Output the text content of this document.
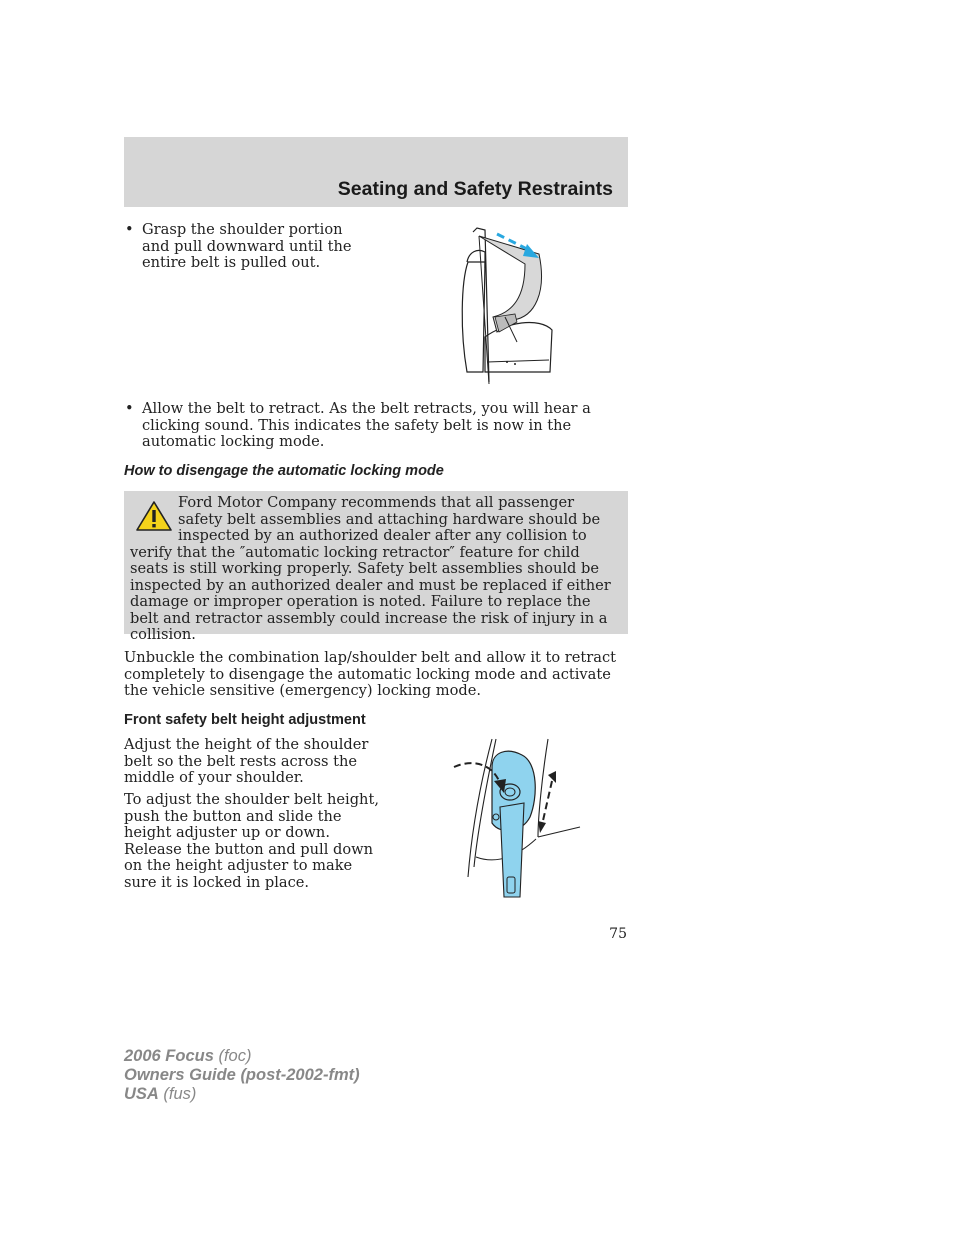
Seating and Safety Restraints
• Grasp the shoulder portion and pull downward until the entire belt is pulled out.
• Allow the belt to retract. As the belt retracts, you will hear a clicking sound. This indicates the safety belt is now in the automatic locking mode.
How to disengage the automatic locking mode
Ford Motor Company recommends that all passenger safety belt assemblies and attaching hardware should be inspected by an authorized dealer after any collision to verify that the ″automatic locking retractor″ feature for child seats is still working properly. Safety belt assemblies should be inspected by an authorized dealer and must be replaced if either damage or improper operation is noted. Failure to replace the belt and retractor assembly could increase the risk of injury in a collision.
Unbuckle the combination lap/shoulder belt and allow it to retract completely to disengage the automatic locking mode and activate the vehicle sensitive (emergency) locking mode.
Front safety belt height adjustment
Adjust the height of the shoulder belt so the belt rests across the middle of your shoulder.
To adjust the shoulder belt height, push the button and slide the height adjuster up or down. Release the button and pull down on the height adjuster to make sure it is locked in place.
75
2006 Focus (foc)
Owners Guide (post-2002-fmt)
USA (fus)
